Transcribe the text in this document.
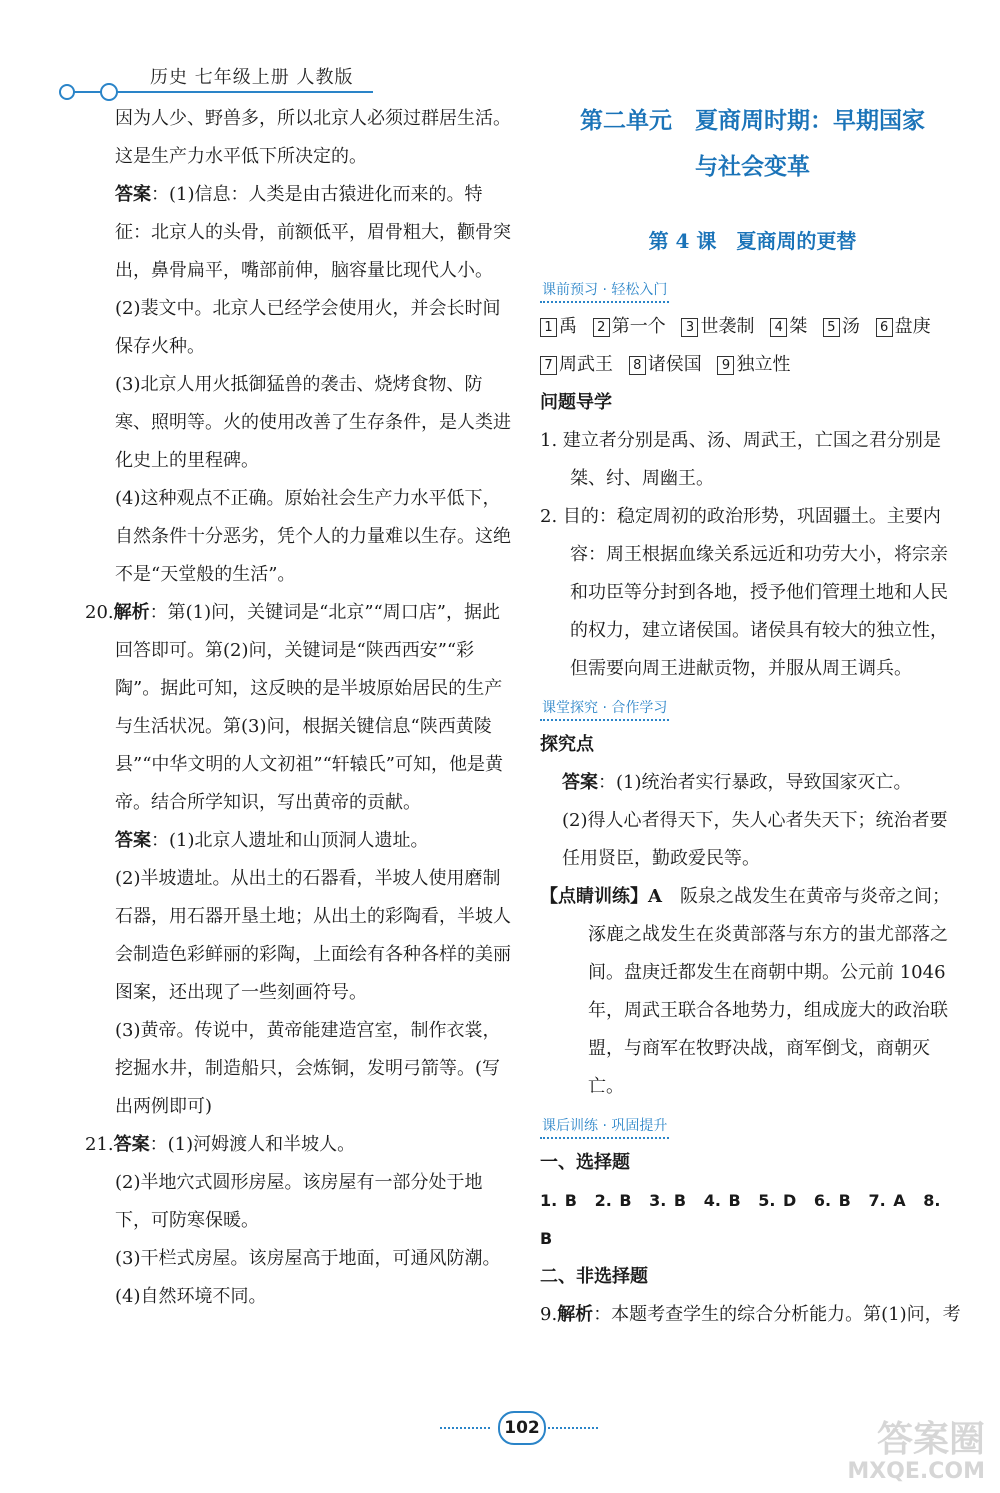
历史 七年级上册 人教版

因为人少、野兽多，所以北京人必须过群居生活。这是生产力水平低下所决定的。

答案：(1)信息：人类是由古猿进化而来的。特征：北京人的头骨，前额低平，眉骨粗大，颧骨突出，鼻骨扁平，嘴部前伸，脑容量比现代人小。

(2)裴文中。北京人已经学会使用火，并会长时间保存火种。

(3)北京人用火抵御猛兽的袭击、烧烤食物、防寒、照明等。火的使用改善了生存条件，是人类进化史上的里程碑。

(4)这种观点不正确。原始社会生产力水平低下，自然条件十分恶劣，凭个人的力量难以生存。这绝不是“天堂般的生活”。

20.解析：第(1)问，关键词是“北京”“周口店”，据此回答即可。第(2)问，关键词是“陕西西安”“彩陶”。据此可知，这反映的是半坡原始居民的生产与生活状况。第(3)问，根据关键信息“陕西黄陵县”“中华文明的人文初祖”“轩辕氏”可知，他是黄帝。结合所学知识，写出黄帝的贡献。

答案：(1)北京人遗址和山顶洞人遗址。

(2)半坡遗址。从出土的石器看，半坡人使用磨制石器，用石器开垦土地；从出土的彩陶看，半坡人会制造色彩鲜丽的彩陶，上面绘有各种各样的美丽图案，还出现了一些刻画符号。

(3)黄帝。传说中，黄帝能建造宫室，制作衣裳，挖掘水井，制造船只，会炼铜，发明弓箭等。(写出两例即可)

21.答案：(1)河姆渡人和半坡人。

(2)半地穴式圆形房屋。该房屋有一部分处于地下，可防寒保暖。

(3)干栏式房屋。该房屋高于地面，可通风防潮。

(4)自然环境不同。

第二单元　夏商周时期：早期国家
与社会变革
第 4 课　夏商周的更替
课前预习 · 轻松入门
1 禹 2 第一个 3 世袭制 4 桀 5 汤 6 盘庚
7 周武王 8 诸侯国 9 独立性
问题导学

1. 建立者分别是禹、汤、周武王，亡国之君分别是桀、纣、周幽王。

2. 目的：稳定周初的政治形势，巩固疆土。主要内容：周王根据血缘关系远近和功劳大小，将宗亲和功臣等分封到各地，授予他们管理土地和人民的权力，建立诸侯国。诸侯具有较大的独立性，但需要向周王进献贡物，并服从周王调兵。

课堂探究 · 合作学习
探究点

答案：(1)统治者实行暴政，导致国家灭亡。

(2)得人心者得天下，失人心者失天下；统治者要任用贤臣，勤政爱民等。

【点睛训练】A　阪泉之战发生在黄帝与炎帝之间；涿鹿之战发生在炎黄部落与东方的蚩尤部落之间。盘庚迁都发生在商朝中期。公元前 1046 年，周武王联合各地势力，组成庞大的政治联盟，与商军在牧野决战，商军倒戈，商朝灭亡。

课后训练 · 巩固提升
一、选择题
1. B 2. B 3. B 4. B 5. D 6. B 7. A 8. B
二、非选择题

9.解析：本题考查学生的综合分析能力。第(1)问，考

102	答案圈
MXQE.COM
